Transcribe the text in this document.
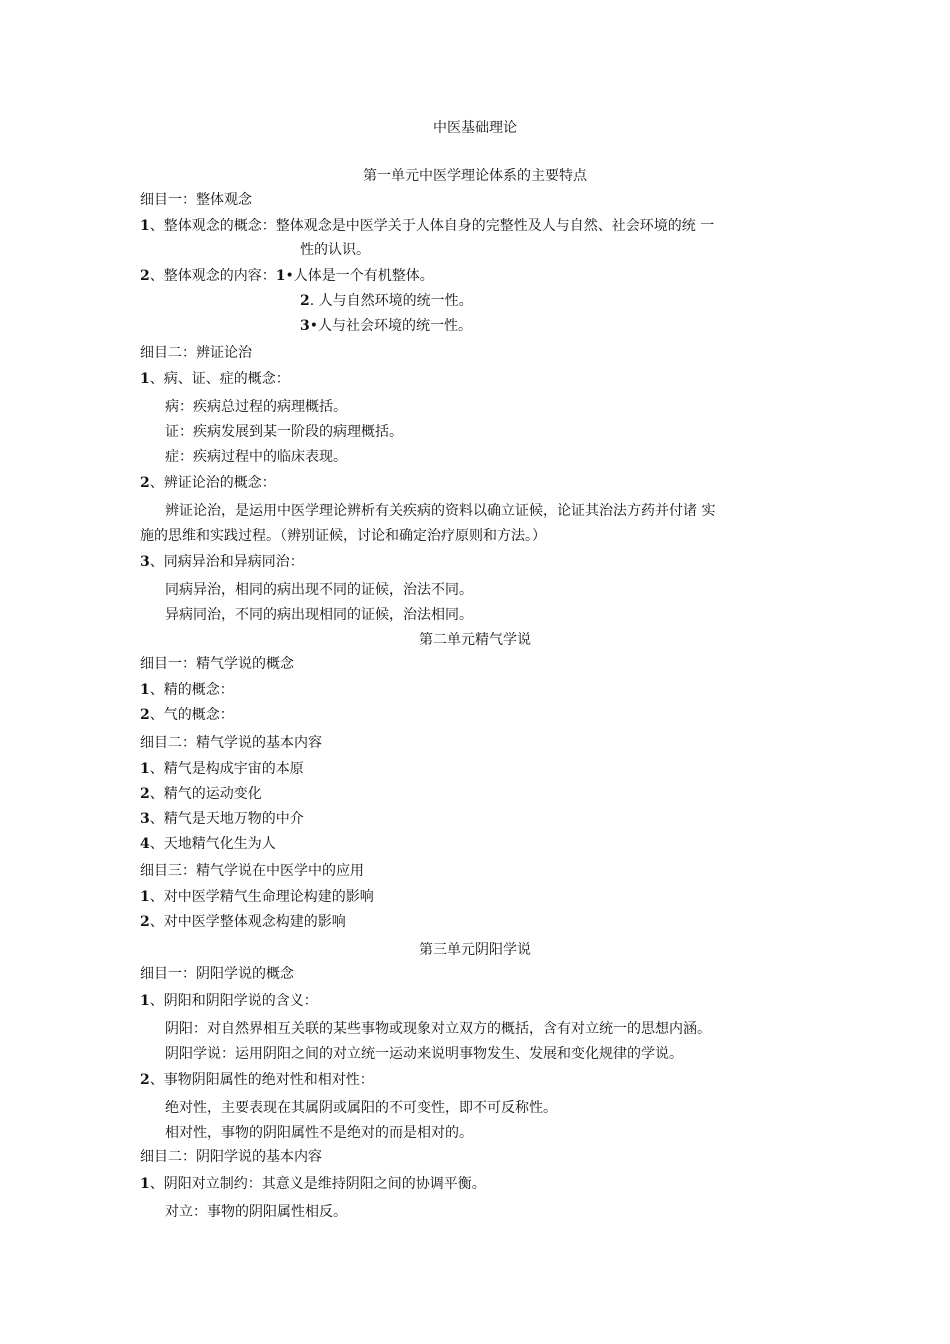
中医基础理论
第一单元中医学理论体系的主要特点
细目一：整体观念
1、整体观念的概念：整体观念是中医学关于人体自身的完整性及人与自然、社会环境的统 一
性的认识。
2、整体观念的内容：1•人体是一个有机整体。
2. 人与自然环境的统一性。
3•人与社会环境的统一性。
细目二：辨证论治
1、病、证、症的概念：
病：疾病总过程的病理概括。
证：疾病发展到某一阶段的病理概括。
症：疾病过程中的临床表现。
2、辨证论治的概念：
辨证论治，是运用中医学理论辨析有关疾病的资料以确立证候，论证其治法方药并付诸 实
施的思维和实践过程。（辨别证候，讨论和确定治疗原则和方法。）
3、同病异治和异病同治：
同病异治，相同的病出现不同的证候，治法不同。
异病同治，不同的病出现相同的证候，治法相同。
第二单元精气学说
细目一：精气学说的概念
1、精的概念：
2、气的概念：
细目二：精气学说的基本内容
1、精气是构成宇宙的本原
2、精气的运动变化
3、精气是天地万物的中介
4、天地精气化生为人
细目三：精气学说在中医学中的应用
1、对中医学精气生命理论构建的影响
2、对中医学整体观念构建的影响
第三单元阴阳学说
细目一：阴阳学说的概念
1、阴阳和阴阳学说的含义：
阴阳：对自然界相互关联的某些事物或现象对立双方的概括，含有对立统一的思想内涵。
阴阳学说：运用阴阳之间的对立统一运动来说明事物发生、发展和变化规律的学说。
2、事物阴阳属性的绝对性和相对性：
绝对性，主要表现在其属阴或属阳的不可变性，即不可反称性。
相对性，事物的阴阳属性不是绝对的而是相对的。
细目二：阴阳学说的基本内容
1、阴阳对立制约：其意义是维持阴阳之间的协调平衡。
对立：事物的阴阳属性相反。
